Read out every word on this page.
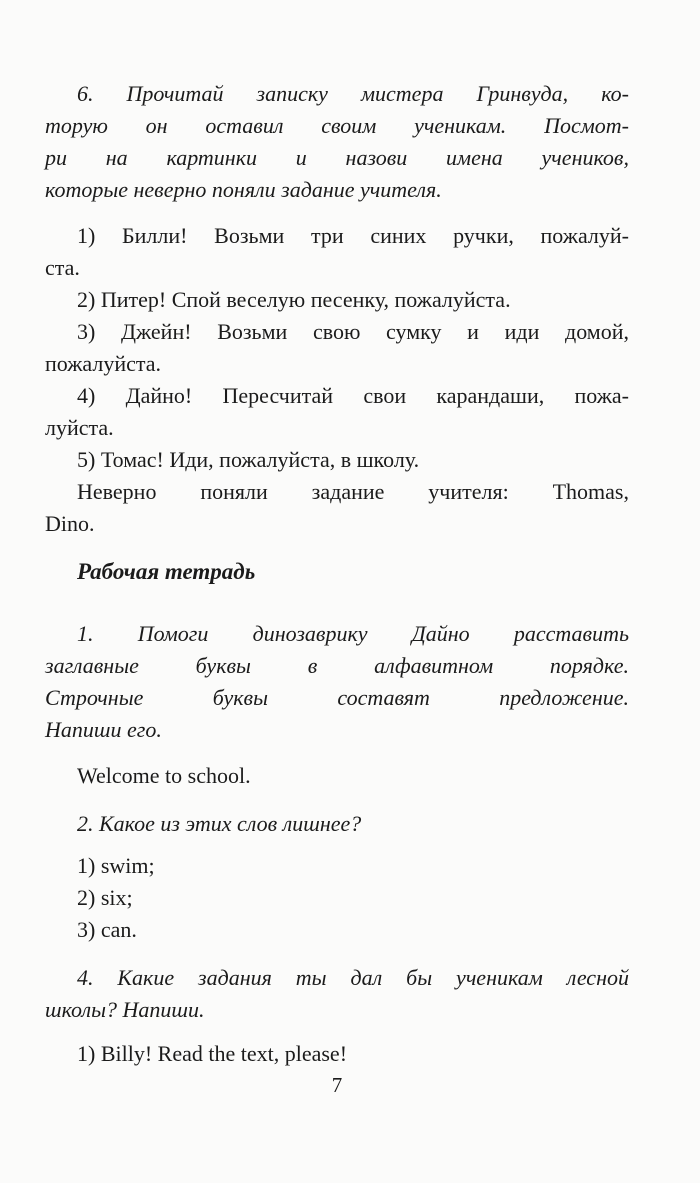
6. Прочитай записку мистера Гринвуда, ко-
торую он оставил своим ученикам. Посмот-
ри на картинки и назови имена учеников,
которые неверно поняли задание учителя.
1) Билли! Возьми три синих ручки, пожалуй-
ста.
2) Питер! Спой веселую песенку, пожалуйста.
3) Джейн! Возьми свою сумку и иди домой,
пожалуйста.
4) Дайно! Пересчитай свои карандаши, пожа-
луйста.
5) Томас! Иди, пожалуйста, в школу.
Неверно поняли задание учителя: Thomas,
Dino.
Рабочая тетрадь
1. Помоги динозаврику Дайно расставить
заглавные буквы в алфавитном порядке.
Строчные буквы составят предложение.
Напиши его.
Welcome to school.
2. Какое из этих слов лишнее?
1) swim;
2) six;
3) can.
4. Какие задания ты дал бы ученикам лесной
школы? Напиши.
1) Billy! Read the text, please!
7
